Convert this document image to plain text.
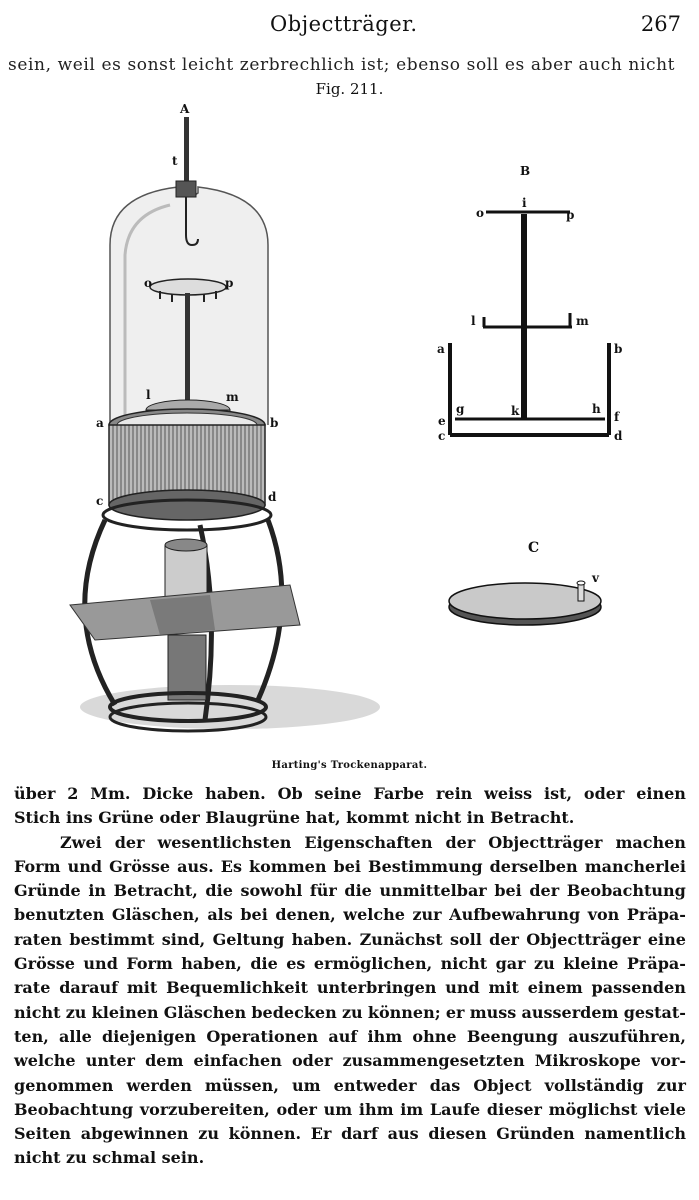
Objectträger.	267
sein, weil es sonst leicht zerbrechlich ist; ebenso soll es aber auch nicht
Fig. 211.
A
t
o	p
l	m
a	b
c	d
B
i
o	p
l	m
a	b
g	k	h
e	f
c	d
C
v
Harting's Trockenapparat.
über 2 Mm. Dicke haben. Ob seine Farbe rein weiss ist, oder einen
Stich ins Grüne oder Blaugrüne hat, kommt nicht in Betracht.
Zwei der wesentlichsten Eigenschaften der Objectträger machen
Form und Grösse aus. Es kommen bei Bestimmung derselben mancherlei
Gründe in Betracht, die sowohl für die unmittelbar bei der Beobachtung
benutzten Gläschen, als bei denen, welche zur Aufbewahrung von Präpa-
raten bestimmt sind, Geltung haben. Zunächst soll der Objectträger eine
Grösse und Form haben, die es ermöglichen, nicht gar zu kleine Präpa-
rate darauf mit Bequemlichkeit unterbringen und mit einem passenden
nicht zu kleinen Gläschen bedecken zu können; er muss ausserdem gestat-
ten, alle diejenigen Operationen auf ihm ohne Beengung auszuführen,
welche unter dem einfachen oder zusammengesetzten Mikroskope vor-
genommen werden müssen, um entweder das Object vollständig zur
Beobachtung vorzubereiten, oder um ihm im Laufe dieser möglichst viele
Seiten abgewinnen zu können. Er darf aus diesen Gründen namentlich
nicht zu schmal sein.
